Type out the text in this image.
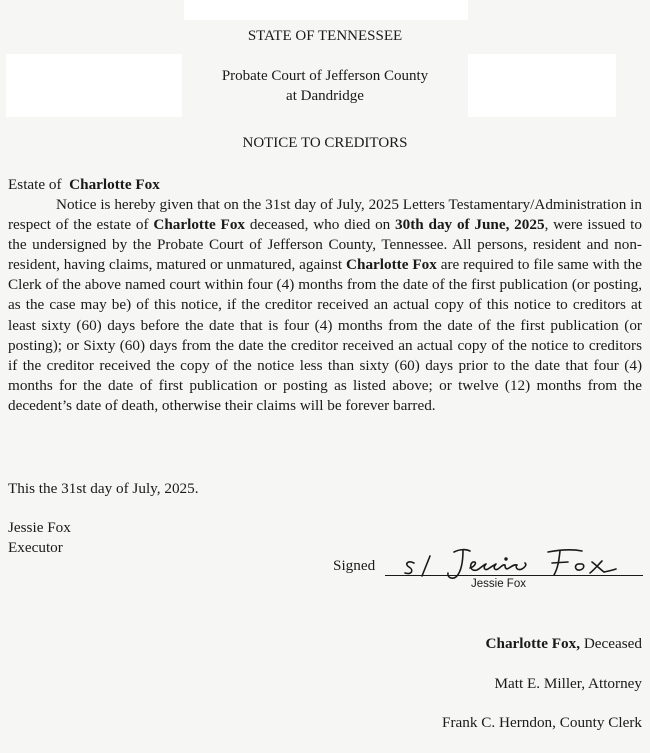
STATE OF TENNESSEE
Probate Court of Jefferson County
at Dandridge
NOTICE TO CREDITORS
Estate of Charlotte Fox
Notice is hereby given that on the 31st day of July, 2025 Letters Testamentary/Administration in respect of the estate of Charlotte Fox deceased, who died on 30th day of June, 2025, were issued to the undersigned by the Probate Court of Jefferson County, Tennessee. All persons, resident and non-resident, having claims, matured or unmatured, against Charlotte Fox are required to file same with the Clerk of the above named court within four (4) months from the date of the first publication (or posting, as the case may be) of this notice, if the creditor received an actual copy of this notice to creditors at least sixty (60) days before the date that is four (4) months from the date of the first publication (or posting); or Sixty (60) days from the date the creditor received an actual copy of the notice to creditors if the creditor received the copy of the notice less than sixty (60) days prior to the date that four (4) months for the date of first publication or posting as listed above; or twelve (12) months from the decedent’s date of death, otherwise their claims will be forever barred.
This the 31st day of July, 2025.
Jessie Fox
Executor
Signed
Jessie Fox
Charlotte Fox, Deceased
Matt E. Miller, Attorney
Frank C. Herndon, County Clerk
